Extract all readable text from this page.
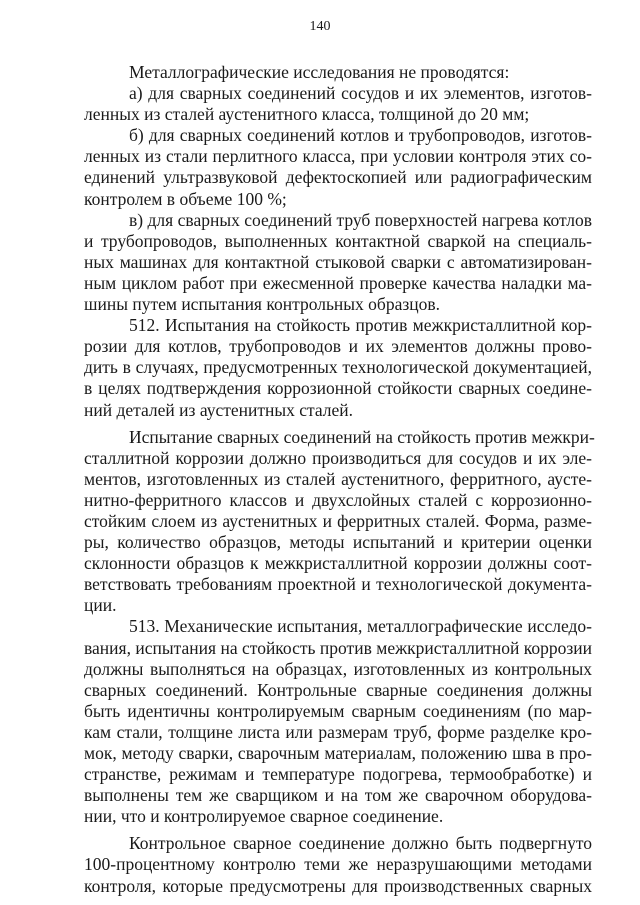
140
Металлографические исследования не проводятся:
а) для сварных соединений сосудов и их элементов, изготов-
ленных из сталей аустенитного класса, толщиной до 20 мм;
б) для сварных соединений котлов и трубопроводов, изготов-
ленных из стали перлитного класса, при условии контроля этих со-
единений ультразвуковой дефектоскопией или радиографическим
контролем в объеме 100 %;
в) для сварных соединений труб поверхностей нагрева котлов
и трубопроводов, выполненных контактной сваркой на специаль-
ных машинах для контактной стыковой сварки с автоматизирован-
ным циклом работ при ежесменной проверке качества наладки ма-
шины путем испытания контрольных образцов.
512. Испытания на стойкость против межкристаллитной кор-
розии для котлов, трубопроводов и их элементов должны прово-
дить в случаях, предусмотренных технологической документацией,
в целях подтверждения коррозионной стойкости сварных соедине-
ний деталей из аустенитных сталей.
Испытание сварных соединений на стойкость против межкри-
сталлитной коррозии должно производиться для сосудов и их эле-
ментов, изготовленных из сталей аустенитного, ферритного, аусте-
нитно-ферритного классов и двухслойных сталей с коррозионно-
стойким слоем из аустенитных и ферритных сталей. Форма, разме-
ры, количество образцов, методы испытаний и критерии оценки
склонности образцов к межкристаллитной коррозии должны соот-
ветствовать требованиям проектной и технологической документа-
ции.
513. Механические испытания, металлографические исследо-
вания, испытания на стойкость против межкристаллитной коррозии
должны выполняться на образцах, изготовленных из контрольных
сварных соединений. Контрольные сварные соединения должны
быть идентичны контролируемым сварным соединениям (по мар-
кам стали, толщине листа или размерам труб, форме разделке кро-
мок, методу сварки, сварочным материалам, положению шва в про-
странстве, режимам и температуре подогрева, термообработке) и
выполнены тем же сварщиком и на том же сварочном оборудова-
нии, что и контролируемое сварное соединение.
Контрольное сварное соединение должно быть подвергнуто
100-процентному контролю теми же неразрушающими методами
контроля, которые предусмотрены для производственных сварных
